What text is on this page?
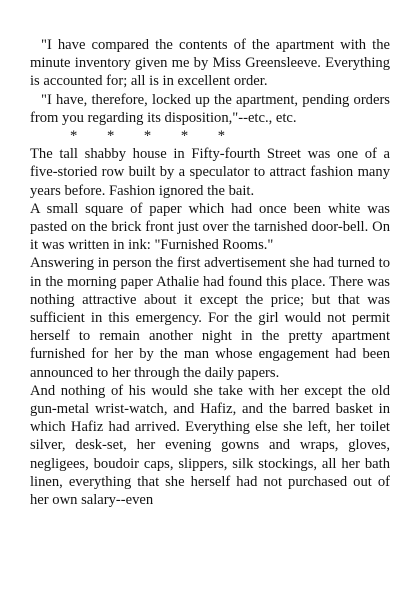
"I have compared the contents of the apartment with the minute inventory given me by Miss Greensleeve. Everything is accounted for; all is in excellent order.

"I have, therefore, locked up the apartment, pending orders from you regarding its disposition,"--etc., etc.

* * * * *

The tall shabby house in Fifty-fourth Street was one of a five-storied row built by a speculator to attract fashion many years before. Fashion ignored the bait.

A small square of paper which had once been white was pasted on the brick front just over the tarnished door-bell. On it was written in ink: "Furnished Rooms."

Answering in person the first advertisement she had turned to in the morning paper Athalie had found this place. There was nothing attractive about it except the price; but that was sufficient in this emergency. For the girl would not permit herself to remain another night in the pretty apartment furnished for her by the man whose engagement had been announced to her through the daily papers.

And nothing of his would she take with her except the old gun-metal wrist-watch, and Hafiz, and the barred basket in which Hafiz had arrived. Everything else she left, her toilet silver, desk-set, her evening gowns and wraps, gloves, negligees, boudoir caps, slippers, silk stockings, all her bath linen, everything that she herself had not purchased out of her own salary--even
